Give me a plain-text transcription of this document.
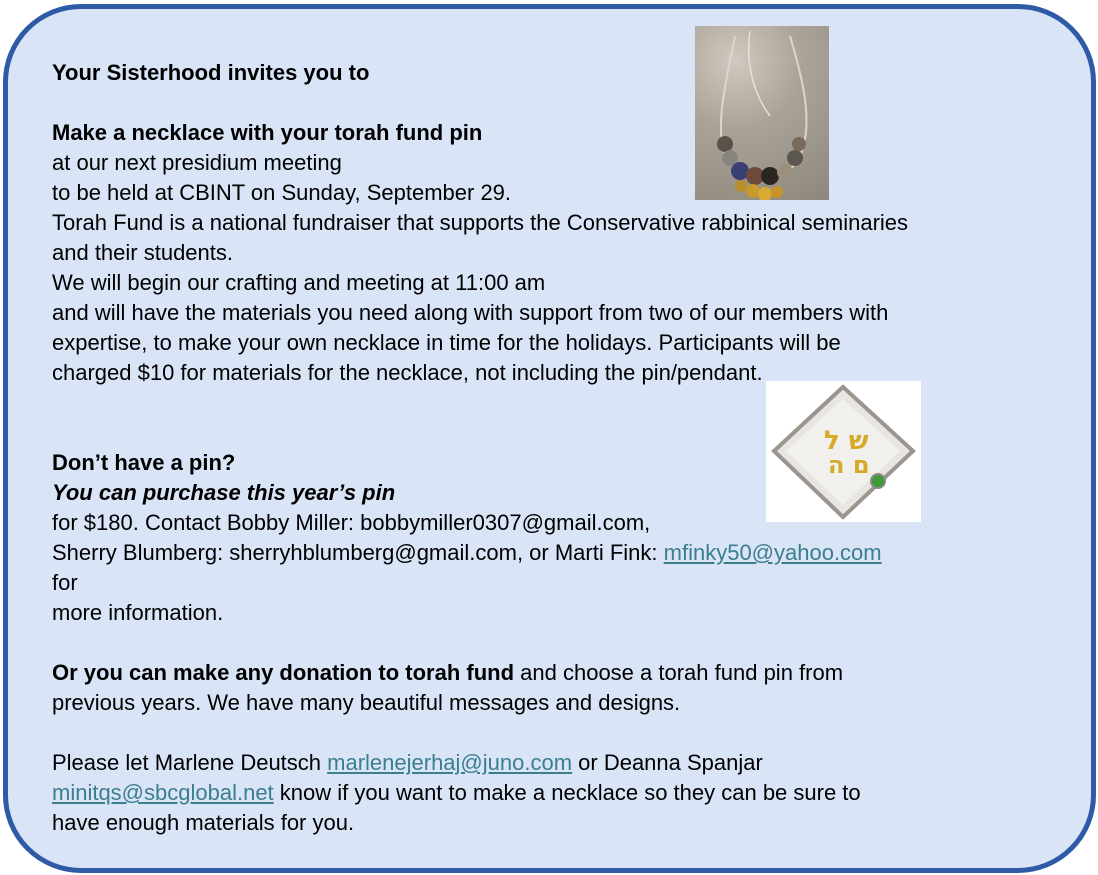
ש ל
ם ה
Your Sisterhood invites you to
Make a necklace with your torah fund pin
at our next presidium meeting
to be held at CBINT on Sunday, September 29.
Torah Fund is a national fundraiser that supports the Conservative rabbinical seminaries
and their students.
We will begin our crafting and meeting at 11:00 am
and will have the materials you need along with support from two of our members with
expertise, to make your own necklace in time for the holidays. Participants will be
charged $10 for materials for the necklace, not including the pin/pendant.
Don’t have a pin?
You can purchase this year’s pin
for $180. Contact Bobby Miller: bobbymiller0307@gmail.com,
Sherry Blumberg: sherryhblumberg@gmail.com, or Marti Fink: mfinky50@yahoo.com
for
more information.
Or you can make any donation to torah fund and choose a torah fund pin from
previous years. We have many beautiful messages and designs.
Please let Marlene Deutsch marlenejerhaj@juno.com or Deanna Spanjar
minitqs@sbcglobal.net know if you want to make a necklace so they can be sure to
have enough materials for you.
